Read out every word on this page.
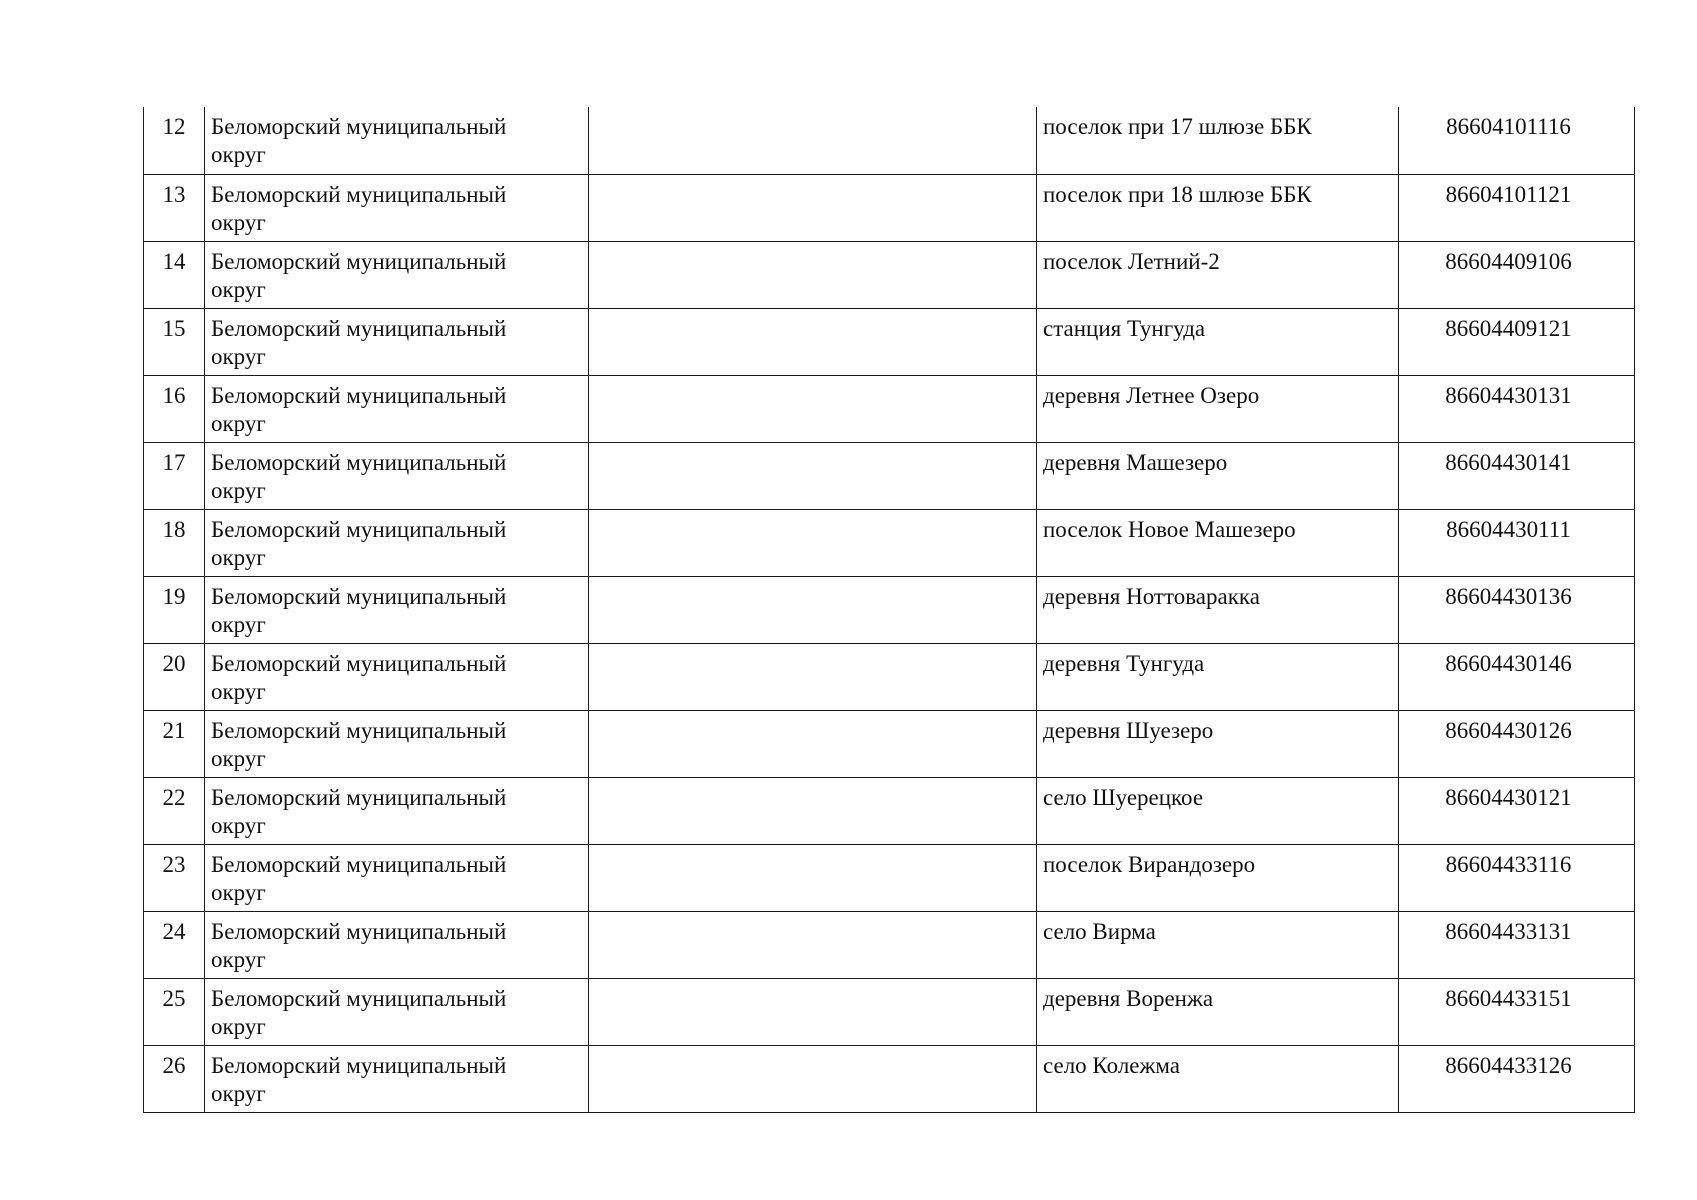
12	Беломорский муниципальный
округ		поселок при 17 шлюзе ББК	86604101116
13	Беломорский муниципальный
округ		поселок при 18 шлюзе ББК	86604101121
14	Беломорский муниципальный
округ		поселок Летний-2	86604409106
15	Беломорский муниципальный
округ		станция Тунгуда	86604409121
16	Беломорский муниципальный
округ		деревня Летнее Озеро	86604430131
17	Беломорский муниципальный
округ		деревня Машезеро	86604430141
18	Беломорский муниципальный
округ		поселок Новое Машезеро	86604430111
19	Беломорский муниципальный
округ		деревня Ноттоваракка	86604430136
20	Беломорский муниципальный
округ		деревня Тунгуда	86604430146
21	Беломорский муниципальный
округ		деревня Шуезеро	86604430126
22	Беломорский муниципальный
округ		село Шуерецкое	86604430121
23	Беломорский муниципальный
округ		поселок Вирандозеро	86604433116
24	Беломорский муниципальный
округ		село Вирма	86604433131
25	Беломорский муниципальный
округ		деревня Воренжа	86604433151
26	Беломорский муниципальный
округ		село Колежма	86604433126
